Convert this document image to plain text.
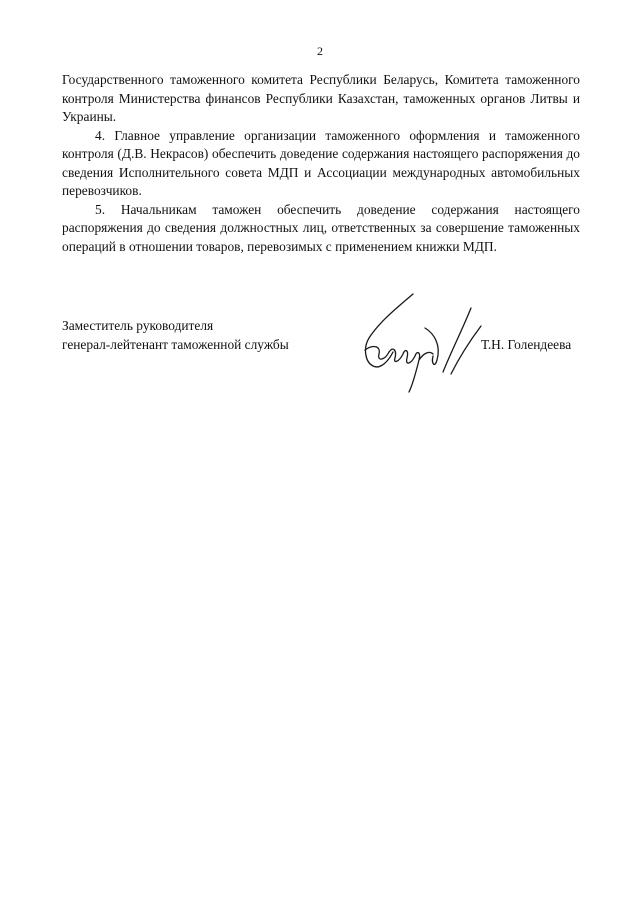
2

Государственного таможенного комитета Республики Беларусь, Комитета таможенного контроля Министерства финансов Республики Казахстан, таможенных органов Литвы и Украины.

4. Главное управление организации таможенного оформления и таможенного контроля (Д.В. Некрасов) обеспечить доведение содержания настоящего распоряжения до сведения Исполнительного совета МДП и Ассоциации международных автомобильных перевозчиков.

5. Начальникам таможен обеспечить доведение содержания настоящего распоряжения до сведения должностных лиц, ответственных за совершение таможенных операций в отношении товаров, перевозимых с применением книжки МДП.

Заместитель руководителя
генерал-лейтенант таможенной службы	Т.Н. Голендеева
